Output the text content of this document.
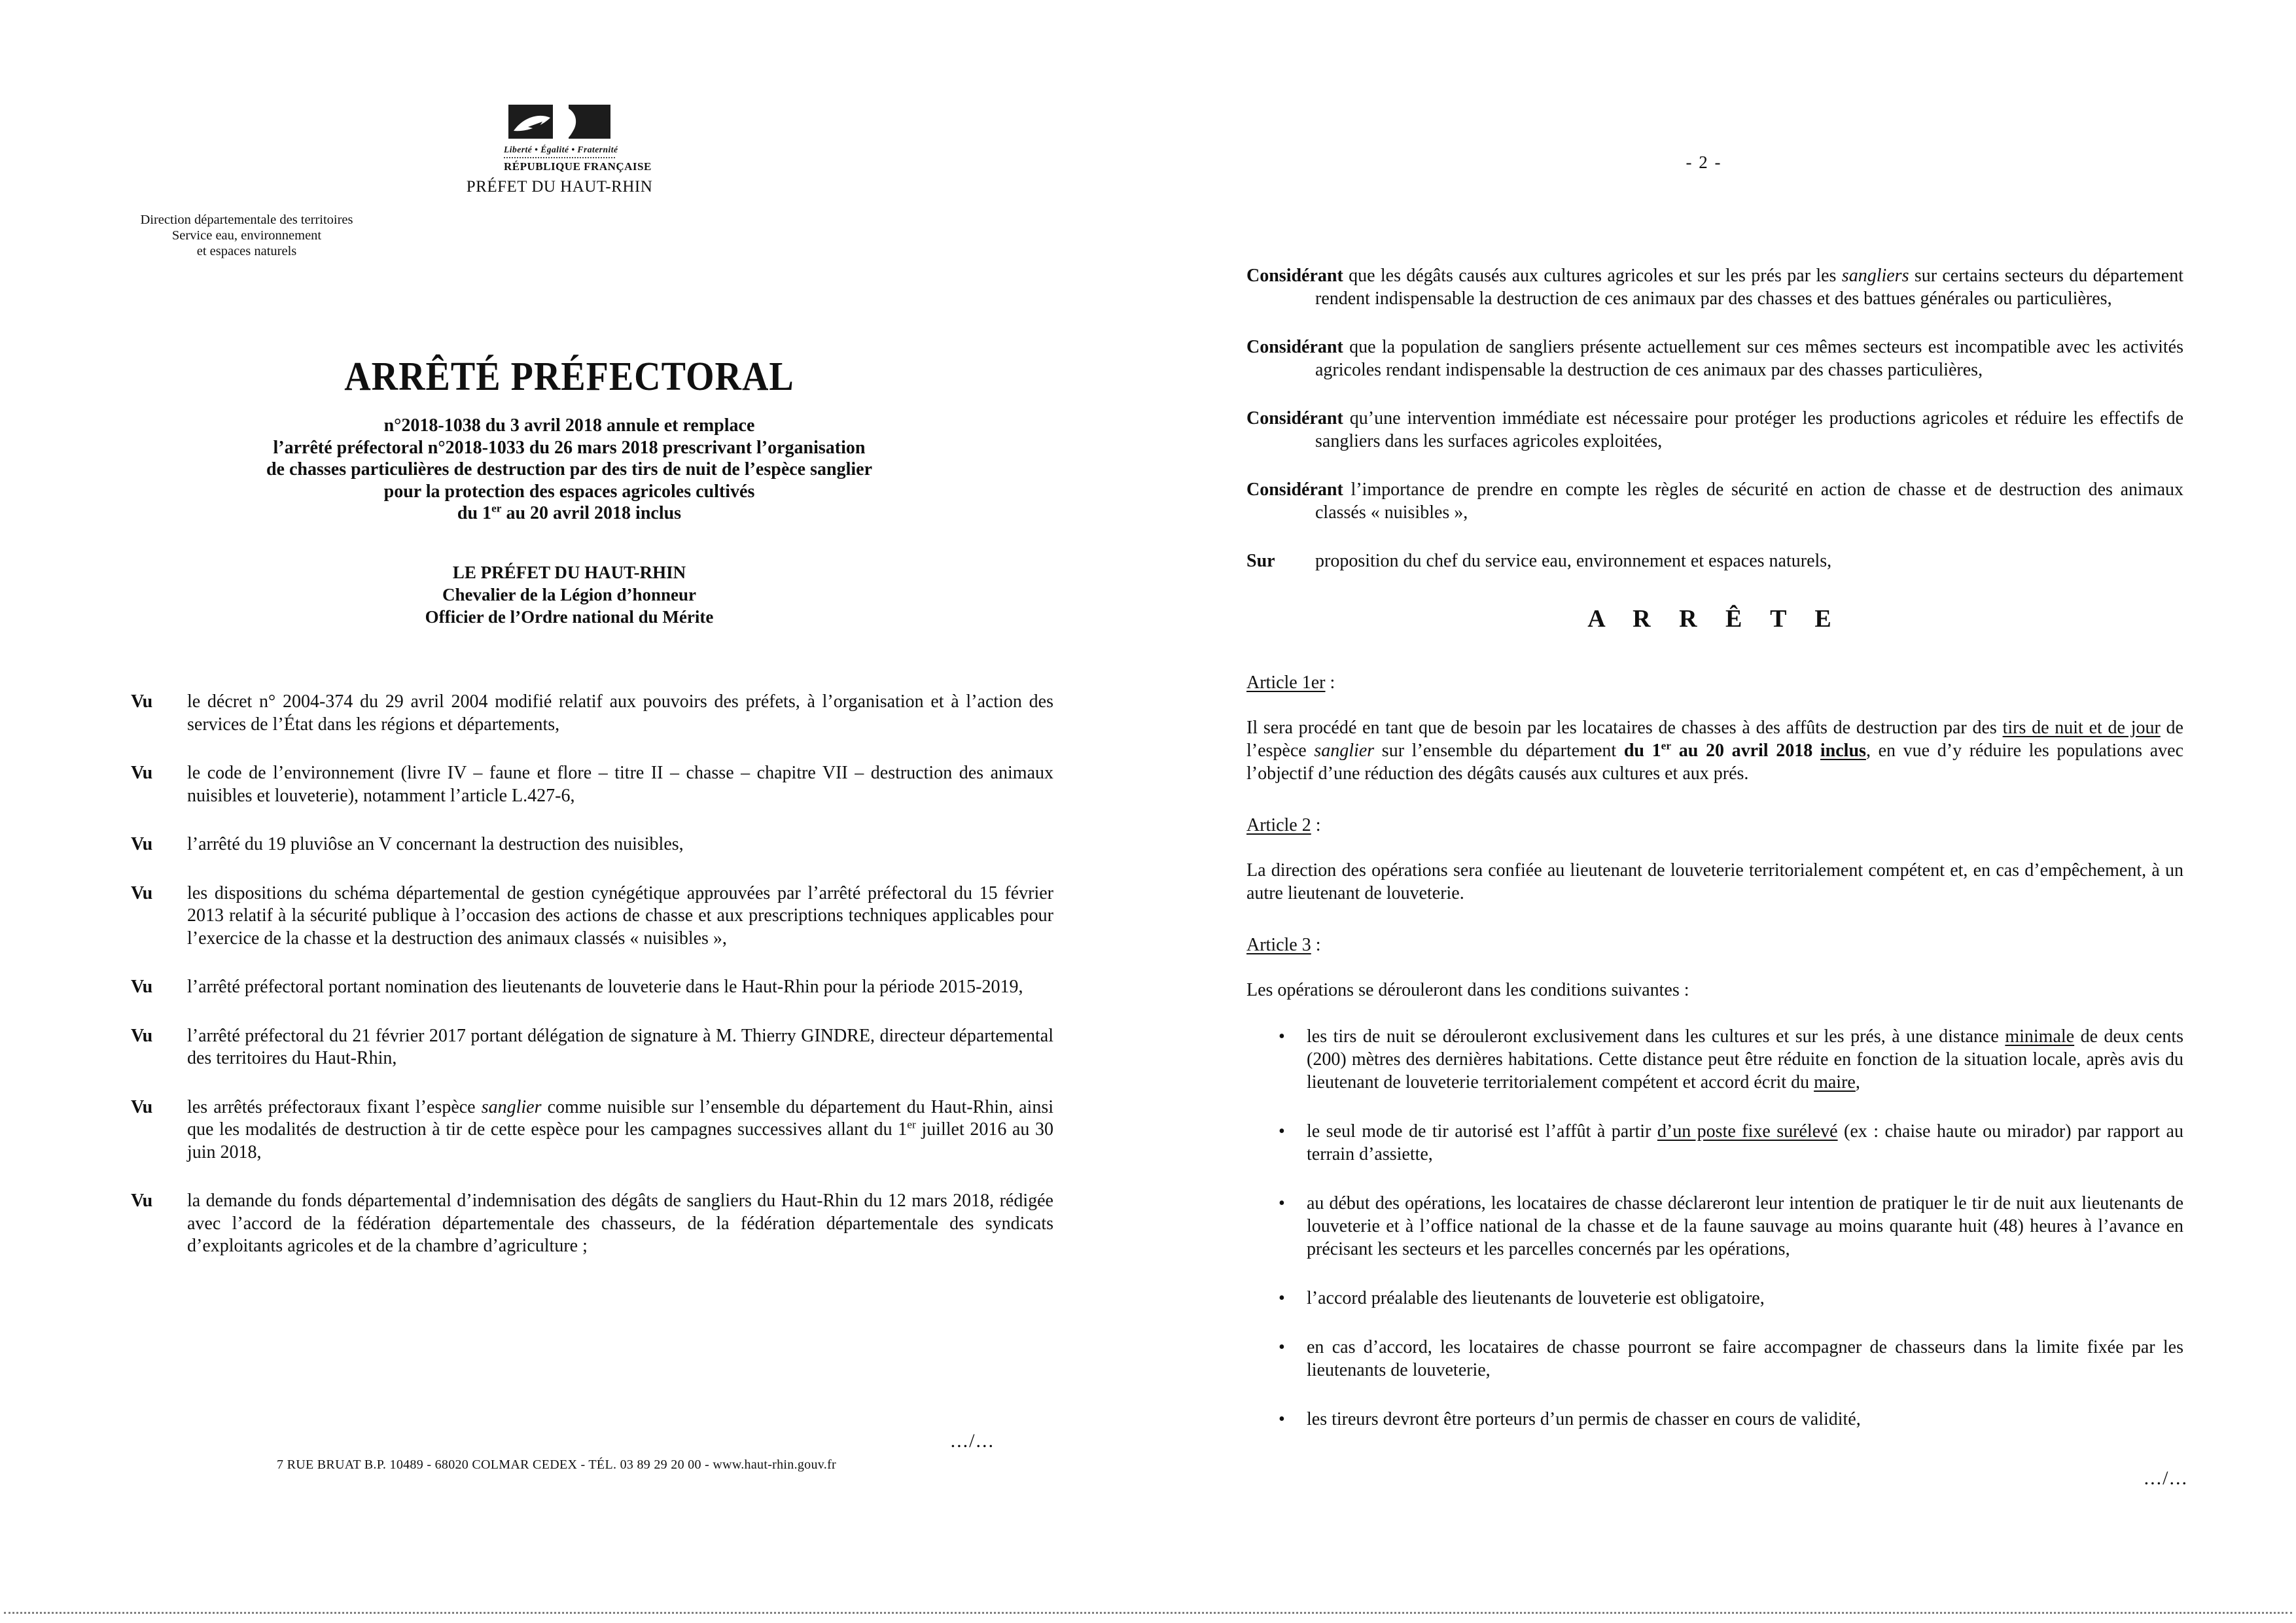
Liberté • Égalité • Fraternité
RÉPUBLIQUE FRANÇAISE
PRÉFET DU HAUT-RHIN
Direction départementale des territoires
Service eau, environnement
et espaces naturels
ARRÊTÉ PRÉFECTORAL
n°2018-1038 du 3 avril 2018 annule et remplace
l’arrêté préfectoral n°2018-1033 du 26 mars 2018 prescrivant l’organisation
de chasses particulières de destruction par des tirs de nuit de l’espèce sanglier
pour la protection des espaces agricoles cultivés
du 1er au 20 avril 2018 inclus
LE PRÉFET DU HAUT-RHIN
Chevalier de la Légion d’honneur
Officier de l’Ordre national du Mérite
Vu	le décret n° 2004-374 du 29 avril 2004 modifié relatif aux pouvoirs des préfets, à l’organisation et à l’action des services de l’État dans les régions et départements,
Vu	le code de l’environnement (livre IV – faune et flore – titre II – chasse – chapitre VII – destruction des animaux nuisibles et louveterie), notamment l’article L.427-6,
Vu	l’arrêté du 19 pluviôse an V concernant la destruction des nuisibles,
Vu	les dispositions du schéma départemental de gestion cynégétique approuvées par l’arrêté préfectoral du 15 février 2013 relatif à la sécurité publique à l’occasion des actions de chasse et aux prescriptions techniques applicables pour l’exercice de la chasse et la destruction des animaux classés « nuisibles »,
Vu	l’arrêté préfectoral portant nomination des lieutenants de louveterie dans le Haut-Rhin pour la période 2015-2019,
Vu	l’arrêté préfectoral du 21 février 2017 portant délégation de signature à M. Thierry GINDRE, directeur départemental des territoires du Haut-Rhin,
Vu	les arrêtés préfectoraux fixant l’espèce sanglier comme nuisible sur l’ensemble du département du Haut-Rhin, ainsi que les modalités de destruction à tir de cette espèce pour les campagnes successives allant du 1er juillet 2016 au 30 juin 2018,
Vu	la demande du fonds départemental d’indemnisation des dégâts de sangliers du Haut-Rhin du 12 mars 2018, rédigée avec l’accord de la fédération départementale des chasseurs, de la fédération départementale des syndicats d’exploitants agricoles et de la chambre d’agriculture ;
.../...
7 RUE BRUAT B.P. 10489 - 68020 COLMAR CEDEX - TÉL. 03 89 29 20 00 - www.haut-rhin.gouv.fr
- 2 -

Considérant que les dégâts causés aux cultures agricoles et sur les prés par les sangliers sur certains secteurs du département rendent indispensable la destruction de ces animaux par des chasses et des battues générales ou particulières,

Considérant que la population de sangliers présente actuellement sur ces mêmes secteurs est incompatible avec les activités agricoles rendant indispensable la destruction de ces animaux par des chasses particulières,

Considérant qu’une intervention immédiate est nécessaire pour protéger les productions agricoles et réduire les effectifs de sangliers dans les surfaces agricoles exploitées,

Considérant l’importance de prendre en compte les règles de sécurité en action de chasse et de destruction des animaux classés « nuisibles »,

Sur	proposition du chef du service eau, environnement et espaces naturels,
A R R Ê T E

Article 1er :

Il sera procédé en tant que de besoin par les locataires de chasses à des affûts de destruction par des tirs de nuit et de jour de l’espèce sanglier sur l’ensemble du département du 1er au 20 avril 2018 inclus, en vue d’y réduire les populations avec l’objectif d’une réduction des dégâts causés aux cultures et aux prés.

Article 2 :

La direction des opérations sera confiée au lieutenant de louveterie territorialement compétent et, en cas d’empêchement, à un autre lieutenant de louveterie.

Article 3 :

Les opérations se dérouleront dans les conditions suivantes :

• les tirs de nuit se dérouleront exclusivement dans les cultures et sur les prés, à une distance minimale de deux cents (200) mètres des dernières habitations. Cette distance peut être réduite en fonction de la situation locale, après avis du lieutenant de louveterie territorialement compétent et accord écrit du maire,
• le seul mode de tir autorisé est l’affût à partir d’un poste fixe surélevé (ex : chaise haute ou mirador) par rapport au terrain d’assiette,
• au début des opérations, les locataires de chasse déclareront leur intention de pratiquer le tir de nuit aux lieutenants de louveterie et à l’office national de la chasse et de la faune sauvage au moins quarante huit (48) heures à l’avance en précisant les secteurs et les parcelles concernés par les opérations,
• l’accord préalable des lieutenants de louveterie est obligatoire,
• en cas d’accord, les locataires de chasse pourront se faire accompagner de chasseurs dans la limite fixée par les lieutenants de louveterie,
• les tireurs devront être porteurs d’un permis de chasser en cours de validité,
.../...
